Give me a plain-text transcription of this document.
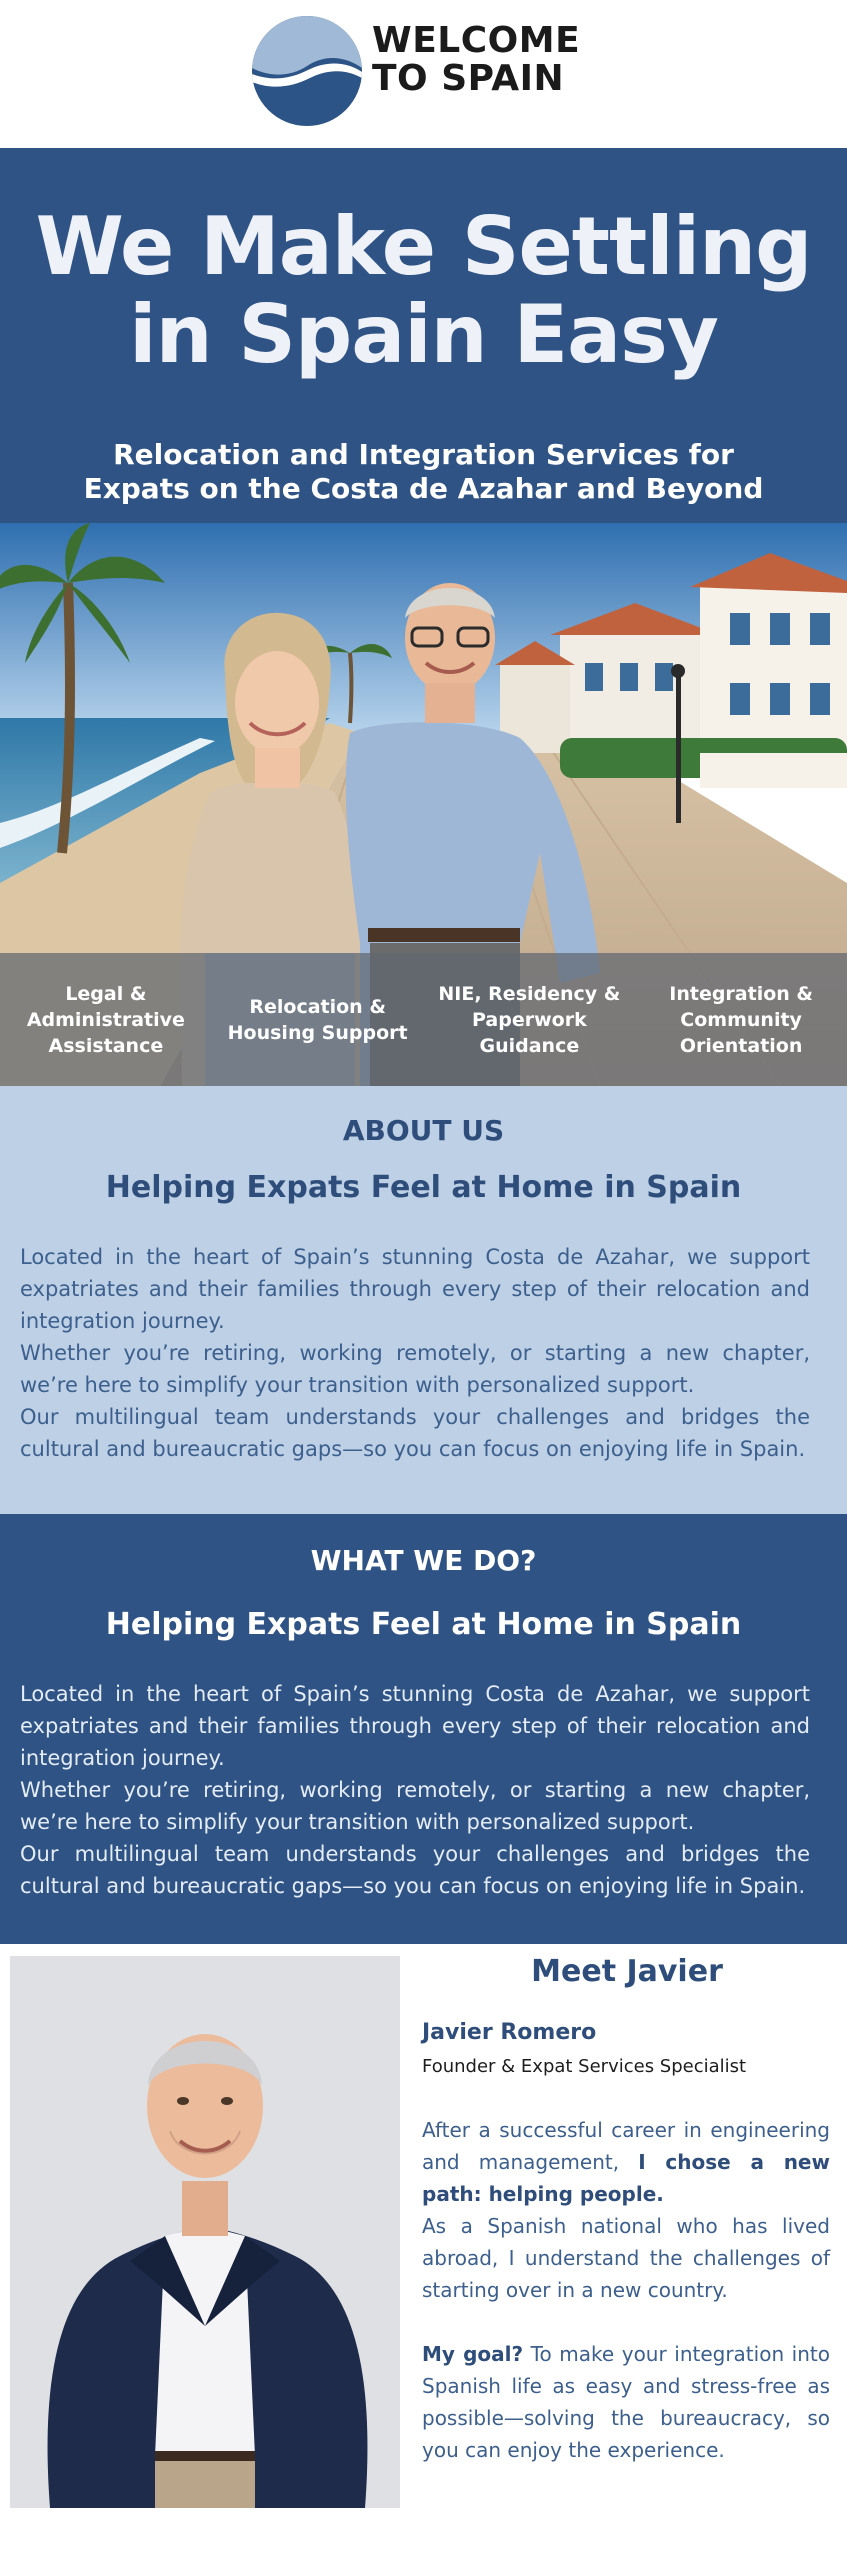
WELCOME
TO SPAIN
We Make Settling
in Spain Easy
Relocation and Integration Services for
Expats on the Costa de Azahar and Beyond
Legal &
Administrative
Assistance
Relocation &
Housing Support
NIE, Residency &
Paperwork
Guidance
Integration &
Community
Orientation
ABOUT US
Helping Expats Feel at Home in Spain

Located in the heart of Spain’s stunning Costa de Azahar, we support expatriates and their families through every step of their relocation and integration journey.

Whether you’re retiring, working remotely, or starting a new chapter, we’re here to simplify your transition with personalized support.

Our multilingual team understands your challenges and bridges the cultural and bureaucratic gaps—so you can focus on enjoying life in Spain.

WHAT WE DO?
Helping Expats Feel at Home in Spain

Located in the heart of Spain’s stunning Costa de Azahar, we support expatriates and their families through every step of their relocation and integration journey.

Whether you’re retiring, working remotely, or starting a new chapter, we’re here to simplify your transition with personalized support.

Our multilingual team understands your challenges and bridges the cultural and bureaucratic gaps—so you can focus on enjoying life in Spain.

Meet Javier

Javier Romero

Founder & Expat Services Specialist

After a successful career in engineering and management, I chose a new path: helping people.

As a Spanish national who has lived abroad, I understand the challenges of starting over in a new country.

My goal? To make your integration into Spanish life as easy and stress-free as possible—solving the bureaucracy, so you can enjoy the experience.
